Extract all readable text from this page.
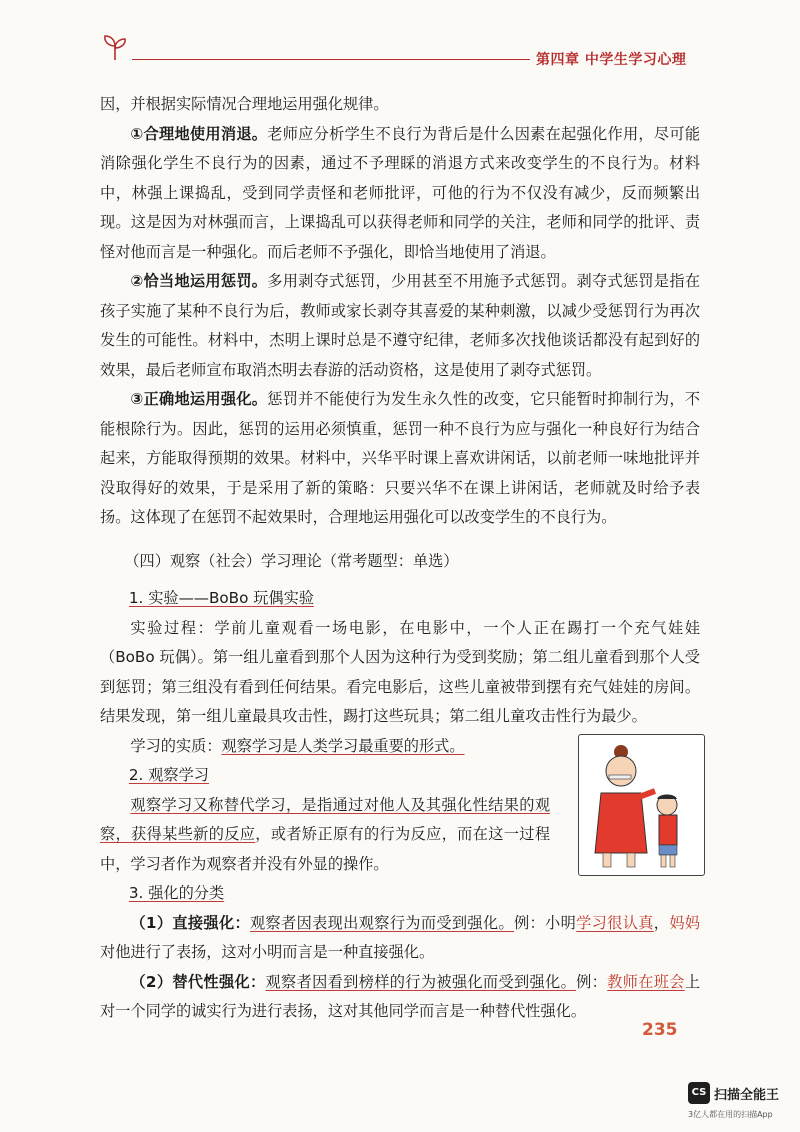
第四章 中学生学习心理

因，并根据实际情况合理地运用强化规律。

①合理地使用消退。老师应分析学生不良行为背后是什么因素在起强化作用，尽可能消除强化学生不良行为的因素，通过不予理睬的消退方式来改变学生的不良行为。材料中，林强上课捣乱，受到同学责怪和老师批评，可他的行为不仅没有减少，反而频繁出现。这是因为对林强而言，上课捣乱可以获得老师和同学的关注，老师和同学的批评、责怪对他而言是一种强化。而后老师不予强化，即恰当地使用了消退。

②恰当地运用惩罚。多用剥夺式惩罚，少用甚至不用施予式惩罚。剥夺式惩罚是指在孩子实施了某种不良行为后，教师或家长剥夺其喜爱的某种刺激，以减少受惩罚行为再次发生的可能性。材料中，杰明上课时总是不遵守纪律，老师多次找他谈话都没有起到好的效果，最后老师宣布取消杰明去春游的活动资格，这是使用了剥夺式惩罚。

③正确地运用强化。惩罚并不能使行为发生永久性的改变，它只能暂时抑制行为，不能根除行为。因此，惩罚的运用必须慎重，惩罚一种不良行为应与强化一种良好行为结合起来，方能取得预期的效果。材料中，兴华平时课上喜欢讲闲话，以前老师一味地批评并没取得好的效果，于是采用了新的策略：只要兴华不在课上讲闲话，老师就及时给予表扬。这体现了在惩罚不起效果时，合理地运用强化可以改变学生的不良行为。

（四）观察（社会）学习理论（常考题型：单选）

1. 实验——BoBo 玩偶实验

实验过程：学前儿童观看一场电影，在电影中，一个人正在踢打一个充气娃娃（BoBo 玩偶）。第一组儿童看到那个人因为这种行为受到奖励；第二组儿童看到那个人受到惩罚；第三组没有看到任何结果。看完电影后，这些儿童被带到摆有充气娃娃的房间。结果发现，第一组儿童最具攻击性，踢打这些玩具；第二组儿童攻击性行为最少。

学习的实质：观察学习是人类学习最重要的形式。

2. 观察学习

观察学习又称替代学习，是指通过对他人及其强化性结果的观察，获得某些新的反应，或者矫正原有的行为反应，而在这一过程中，学习者作为观察者并没有外显的操作。

3. 强化的分类

（1）直接强化：观察者因表现出观察行为而受到强化。例：小明学习很认真，妈妈对他进行了表扬，这对小明而言是一种直接强化。

（2）替代性强化：观察者因看到榜样的行为被强化而受到强化。例：教师在班会上对一个同学的诚实行为进行表扬，这对其他同学而言是一种替代性强化。

235
CS 扫描全能王
3亿人都在用的扫描App
